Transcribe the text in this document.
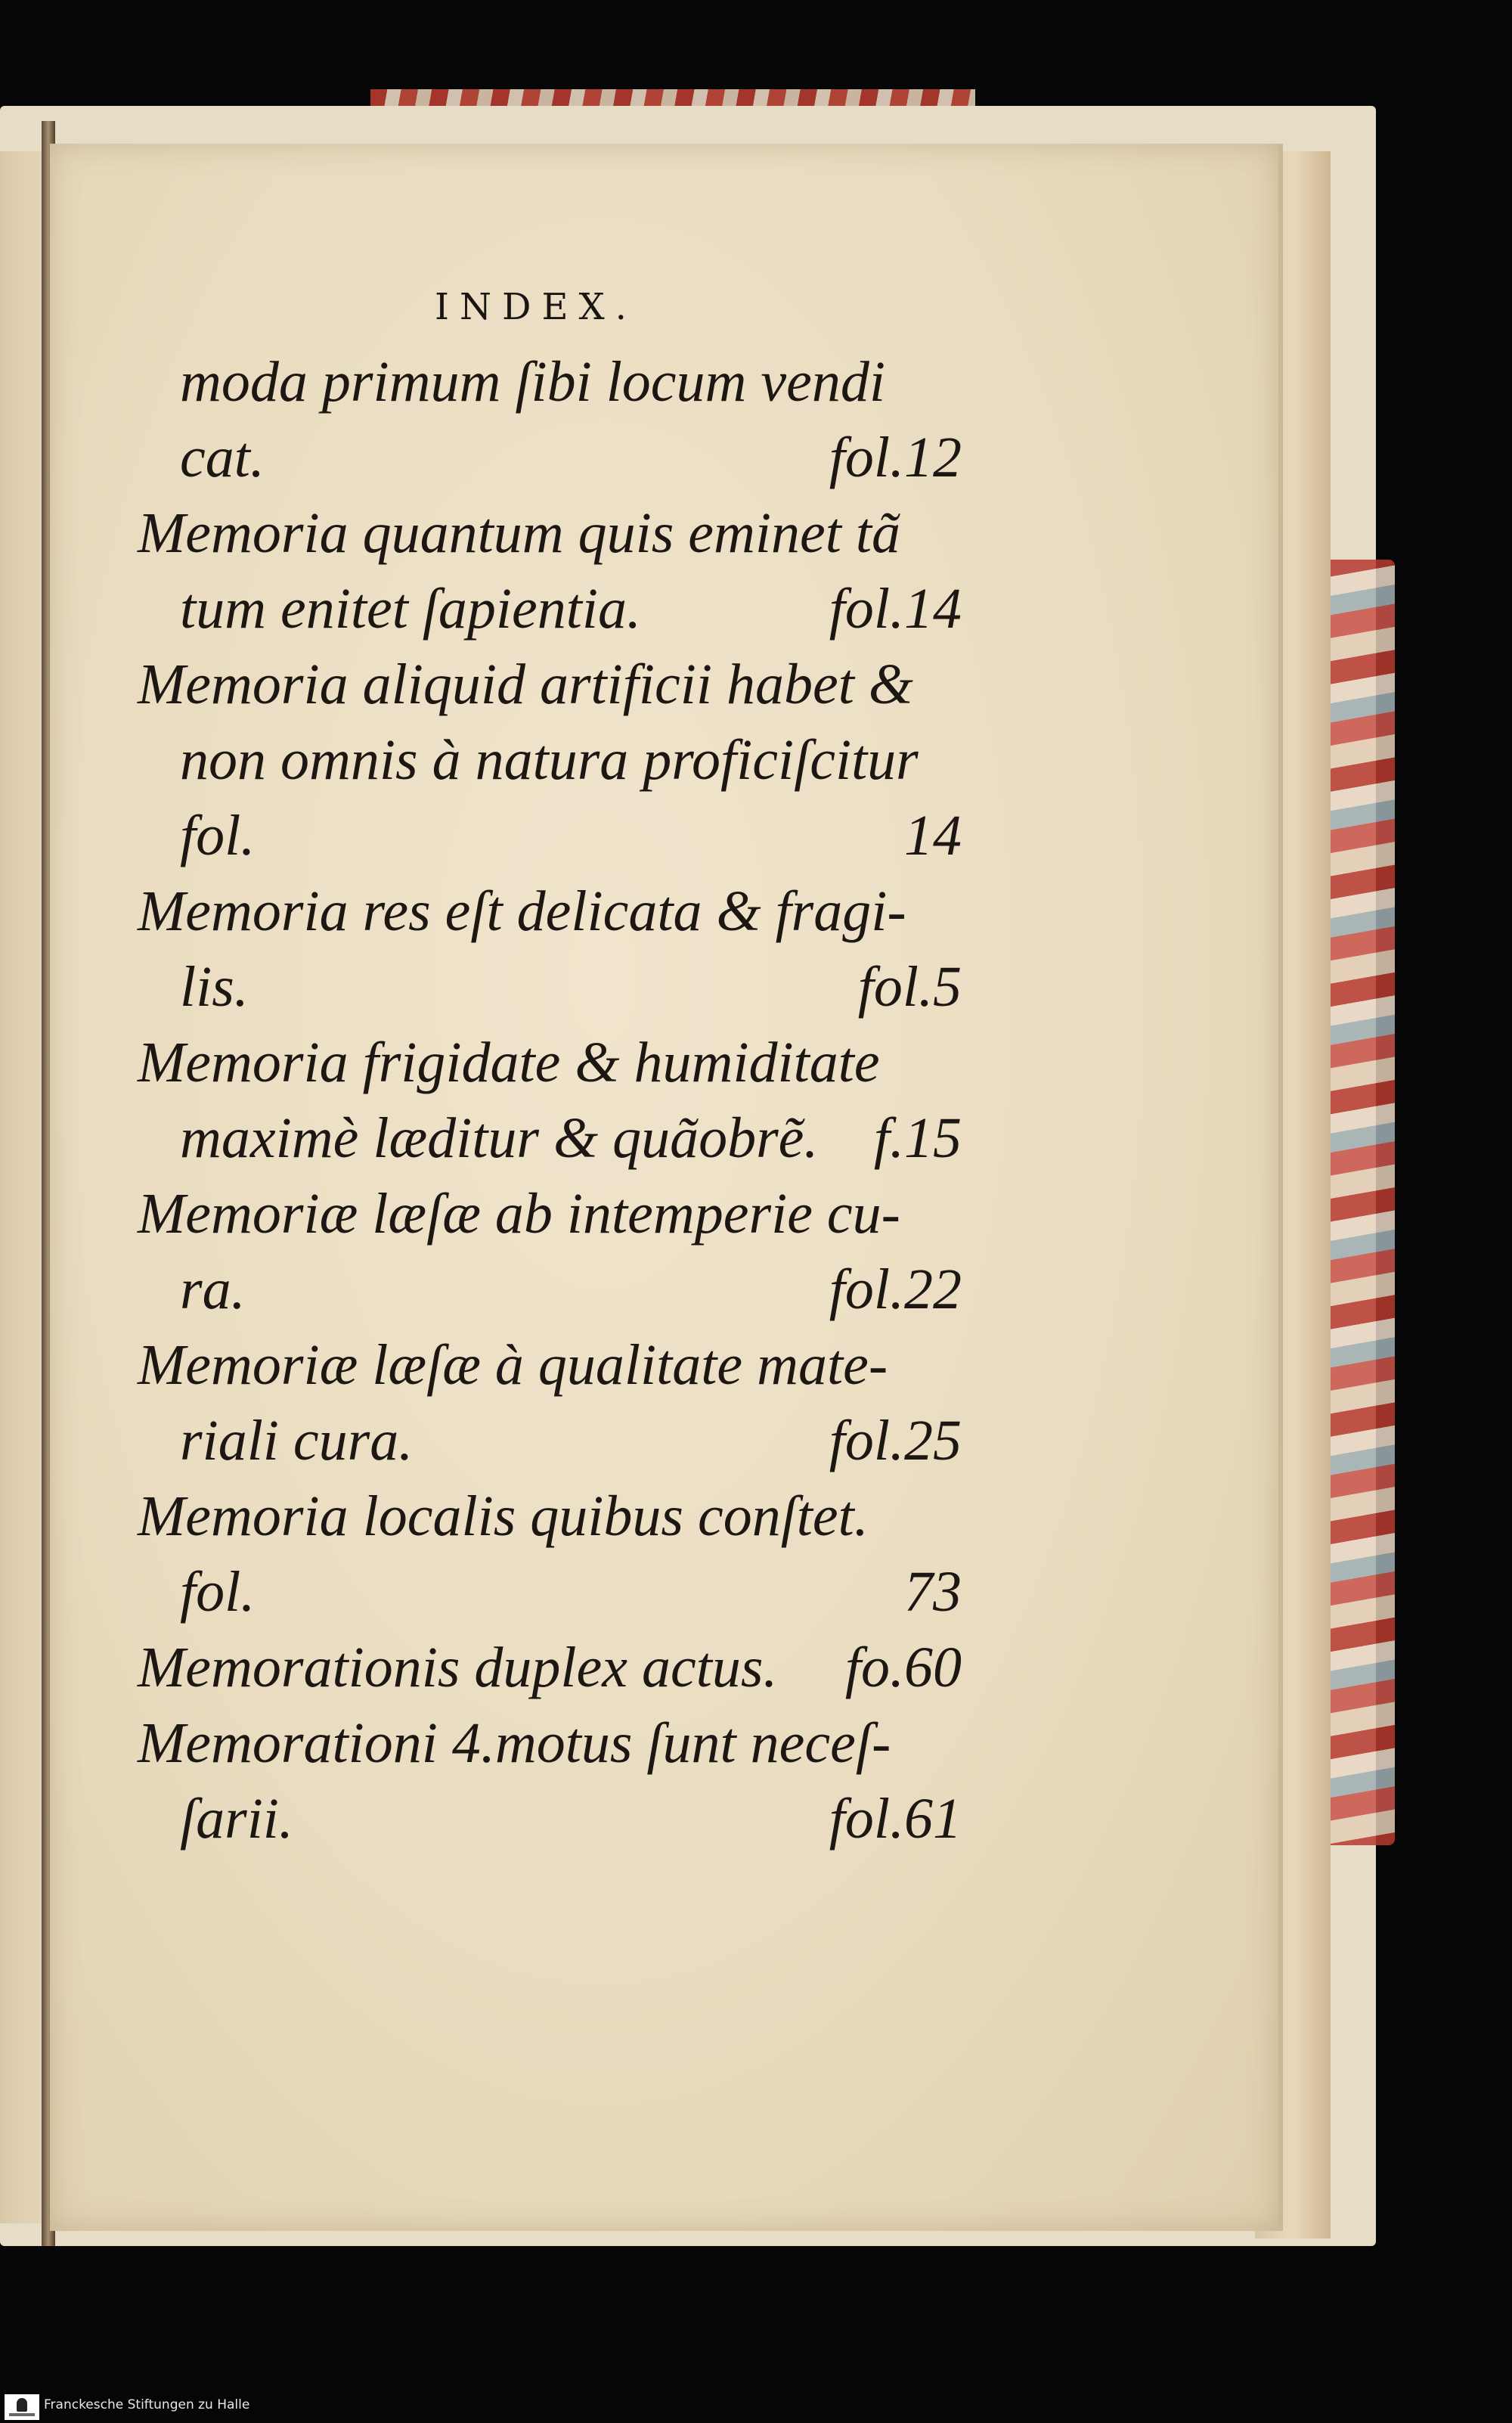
INDEX.
moda primum ſibi locum vendi
cat.	fol.12
Memoria quantum quis eminet tã
tum enitet ſapientia.	fol.14
Memoria aliquid artificii habet &
non omnis à natura proficiſcitur
fol.	14
Memoria res eſt delicata & fragi-
lis.	fol.5
Memoria frigidate & humiditate
maximè læditur & quãobrẽ. f.15
Memoriæ læſæ ab intemperie cu-
ra.	fol.22
Memoriæ læſæ à qualitate mate-
riali cura.	fol.25
Memoria localis quibus conſtet.
fol.	73
Memorationis duplex actus. fo.60
Memorationi 4.motus ſunt neceſ-
ſarii.	fol.61
Franckesche Stiftungen zu Halle
